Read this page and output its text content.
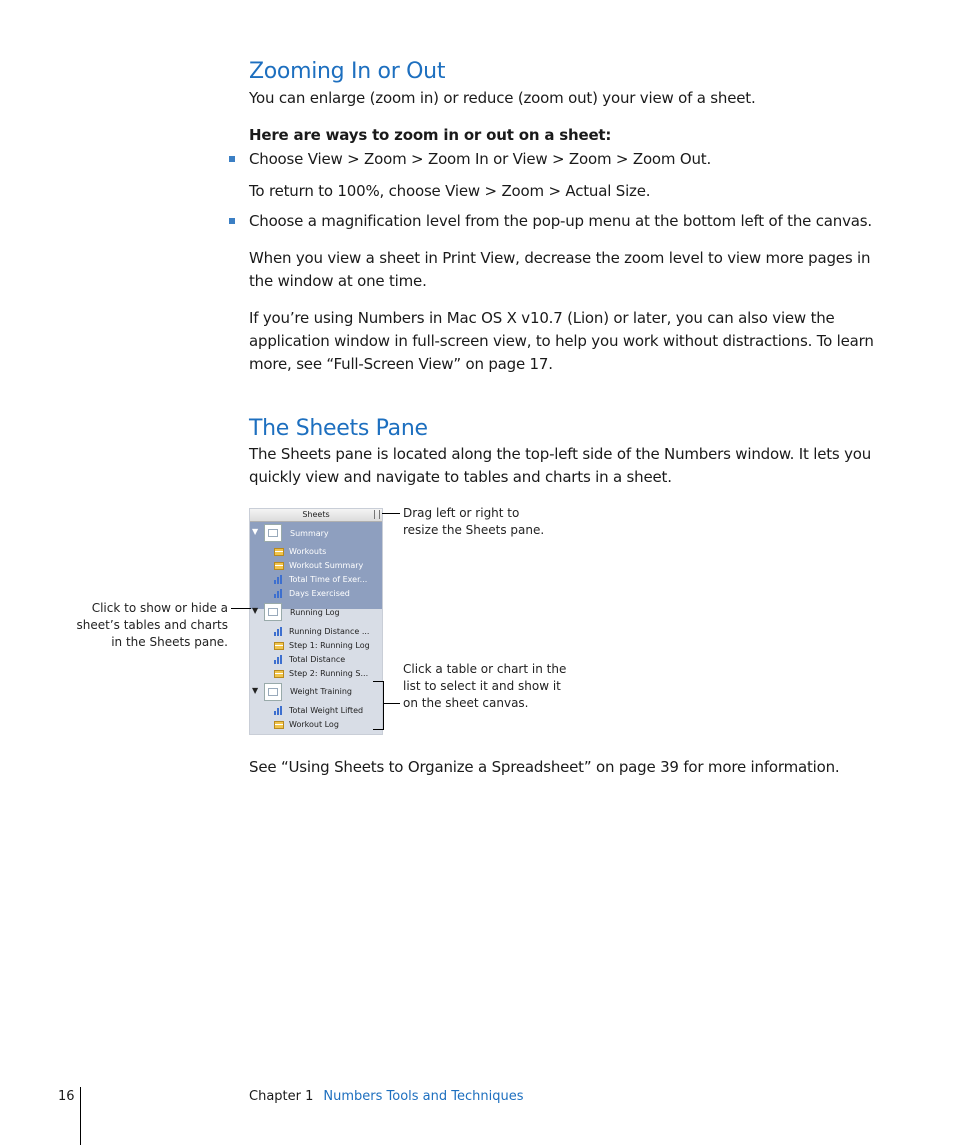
Zooming In or Out
You can enlarge (zoom in) or reduce (zoom out) your view of a sheet.
Here are ways to zoom in or out on a sheet:
Choose View > Zoom > Zoom In or View > Zoom > Zoom Out.
To return to 100%, choose View > Zoom > Actual Size.
Choose a magnification level from the pop-up menu at the bottom left of the canvas.
When you view a sheet in Print View, decrease the zoom level to view more pages in the window at one time.
If you’re using Numbers in Mac OS X v10.7 (Lion) or later, you can also view the application window in full-screen view, to help you work without distractions. To learn more, see “Full-Screen View” on page 17.
The Sheets Pane
The Sheets pane is located along the top-left side of the Numbers window. It lets you quickly view and navigate to tables and charts in a sheet.
Sheets
▼	Summary
Workouts
Workout Summary
Total Time of Exer...
Days Exercised
▼	Running Log
Running Distance ...
Step 1: Running Log
Total Distance
Step 2: Running S...
▼	Weight Training
Total Weight Lifted
Workout Log
Drag left or right to
resize the Sheets pane.
Click to show or hide a
sheet’s tables and charts
in the Sheets pane.
Click a table or chart in the
list to select it and show it
on the sheet canvas.
See “Using Sheets to Organize a Spreadsheet” on page 39 for more information.
16	Chapter 1 Numbers Tools and Techniques
